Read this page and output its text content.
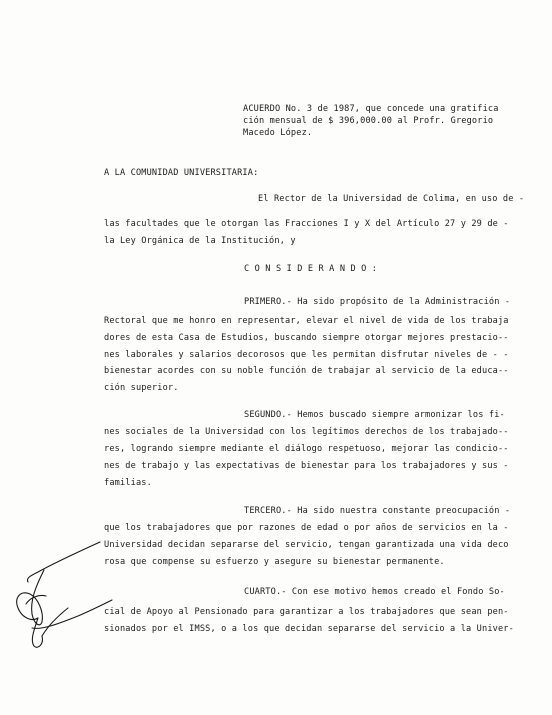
ACUERDO No. 3 de 1987, que concede una gratifica
ción mensual de $ 396,000.00 al Profr. Gregorio
Macedo López.
A LA COMUNIDAD UNIVERSITARIA:
El Rector de la Universidad de Colima, en uso de -
las facultades que le otorgan las Fracciones I y X del Artículo 27 y 29 de -
la Ley Orgánica de la Institución, y
C O N S I D E R A N D O :
PRIMERO.- Ha sido propósito de la Administración -
Rectoral que me honro en representar, elevar el nivel de vida de los trabaja
dores de esta Casa de Estudios, buscando siempre otorgar mejores prestacio--
nes laborales y salarios decorosos que les permitan disfrutar niveles de - -
bienestar acordes con su noble función de trabajar al servicio de la educa--
ción superior.
SEGUNDO.- Hemos buscado siempre armonizar los fi-
nes sociales de la Universidad con los legítimos derechos de los trabajado--
res, logrando siempre mediante el diálogo respetuoso, mejorar las condicio--
nes de trabajo y las expectativas de bienestar para los trabajadores y sus -
familias.
TERCERO.- Ha sido nuestra constante preocupación -
que los trabajadores que por razones de edad o por años de servicios en la -
Universidad decidan separarse del servicio, tengan garantizada una vida deco
rosa que compense su esfuerzo y asegure su bienestar permanente.
CUARTO.- Con ese motivo hemos creado el Fondo So-
cial de Apoyo al Pensionado para garantizar a los trabajadores que sean pen-
sionados por el IMSS, o a los que decidan separarse del servicio a la Univer-
